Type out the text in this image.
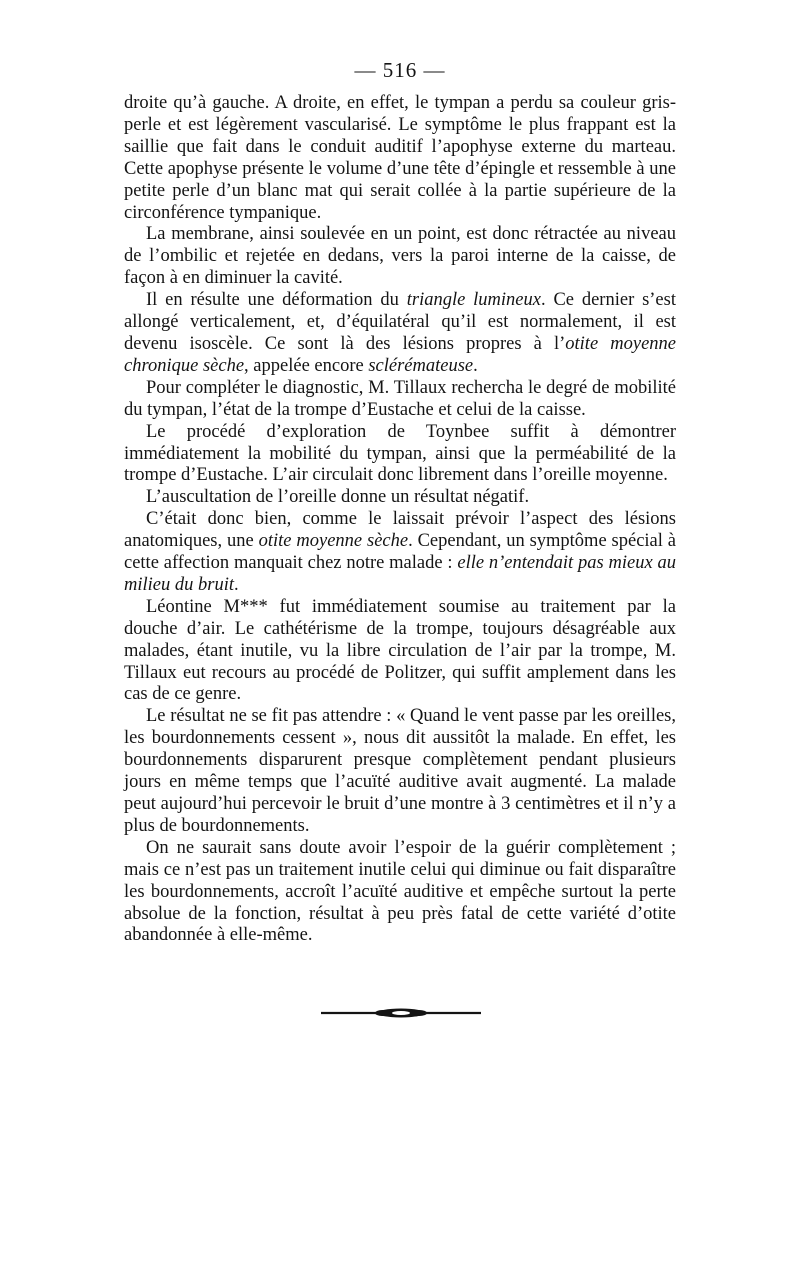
— 516 —

droite qu’à gauche. A droite, en effet, le tympan a perdu sa couleur gris-perle et est légèrement vascularisé. Le symptôme le plus frappant est la saillie que fait dans le conduit auditif l’apophyse externe du marteau. Cette apophyse présente le volume d’une tête d’épingle et ressemble à une petite perle d’un blanc mat qui serait collée à la partie supérieure de la circonférence tympanique.

La membrane, ainsi soulevée en un point, est donc rétractée au niveau de l’ombilic et rejetée en dedans, vers la paroi interne de la caisse, de façon à en diminuer la cavité.

Il en résulte une déformation du triangle lumineux. Ce dernier s’est allongé verticalement, et, d’équilatéral qu’il est normalement, il est devenu isoscèle. Ce sont là des lésions propres à l’otite moyenne chronique sèche, appelée encore sclérémateuse.

Pour compléter le diagnostic, M. Tillaux rechercha le degré de mobilité du tympan, l’état de la trompe d’Eustache et celui de la caisse.

Le procédé d’exploration de Toynbee suffit à démontrer immédiatement la mobilité du tympan, ainsi que la perméabilité de la trompe d’Eustache. L’air circulait donc librement dans l’oreille moyenne.

L’auscultation de l’oreille donne un résultat négatif.

C’était donc bien, comme le laissait prévoir l’aspect des lésions anatomiques, une otite moyenne sèche. Cependant, un symptôme spécial à cette affection manquait chez notre malade : elle n’entendait pas mieux au milieu du bruit.

Léontine M*** fut immédiatement soumise au traitement par la douche d’air. Le cathétérisme de la trompe, toujours désagréable aux malades, étant inutile, vu la libre circulation de l’air par la trompe, M. Tillaux eut recours au procédé de Politzer, qui suffit amplement dans les cas de ce genre.

Le résultat ne se fit pas attendre : « Quand le vent passe par les oreilles, les bourdonnements cessent », nous dit aussitôt la malade. En effet, les bourdonnements disparurent presque complètement pendant plusieurs jours en même temps que l’acuïté auditive avait augmenté. La malade peut aujourd’hui percevoir le bruit d’une montre à 3 centimètres et il n’y a plus de bourdonnements.

On ne saurait sans doute avoir l’espoir de la guérir complètement ; mais ce n’est pas un traitement inutile celui qui diminue ou fait disparaître les bourdonnements, accroît l’acuïté auditive et empêche surtout la perte absolue de la fonction, résultat à peu près fatal de cette variété d’otite abandonnée à elle-même.
